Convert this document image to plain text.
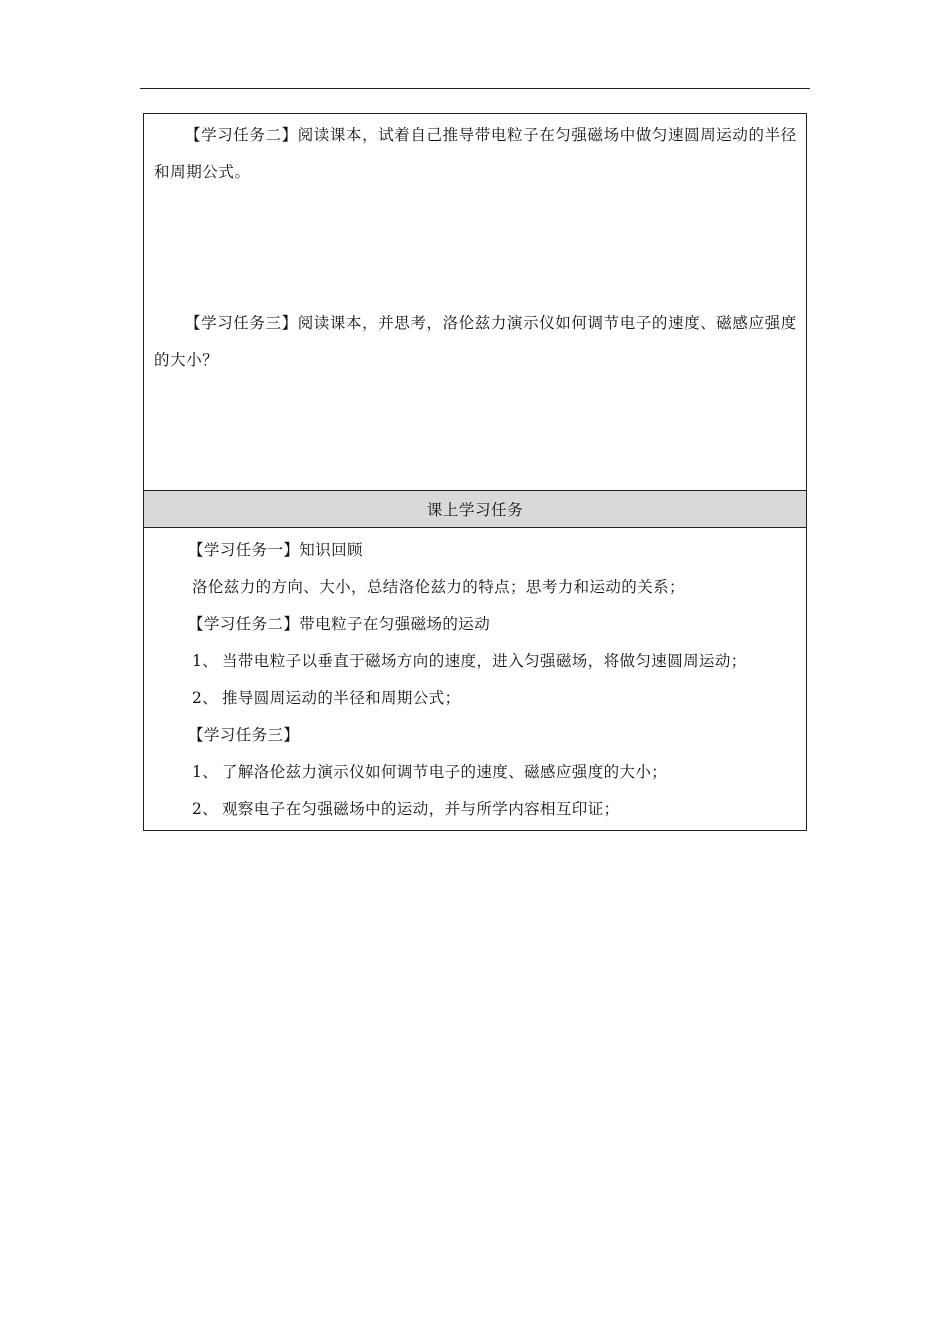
【学习任务二】阅读课本，试着自己推导带电粒子在匀强磁场中做匀速圆周运动的半径和周期公式。

【学习任务三】阅读课本，并思考，洛伦兹力演示仪如何调节电子的速度、磁感应强度的大小？

课上学习任务

【学习任务一】知识回顾

洛伦兹力的方向、大小，总结洛伦兹力的特点；思考力和运动的关系；

【学习任务二】带电粒子在匀强磁场的运动

1、 当带电粒子以垂直于磁场方向的速度，进入匀强磁场，将做匀速圆周运动；

2、 推导圆周运动的半径和周期公式；

【学习任务三】

1、 了解洛伦兹力演示仪如何调节电子的速度、磁感应强度的大小；

2、 观察电子在匀强磁场中的运动，并与所学内容相互印证；
